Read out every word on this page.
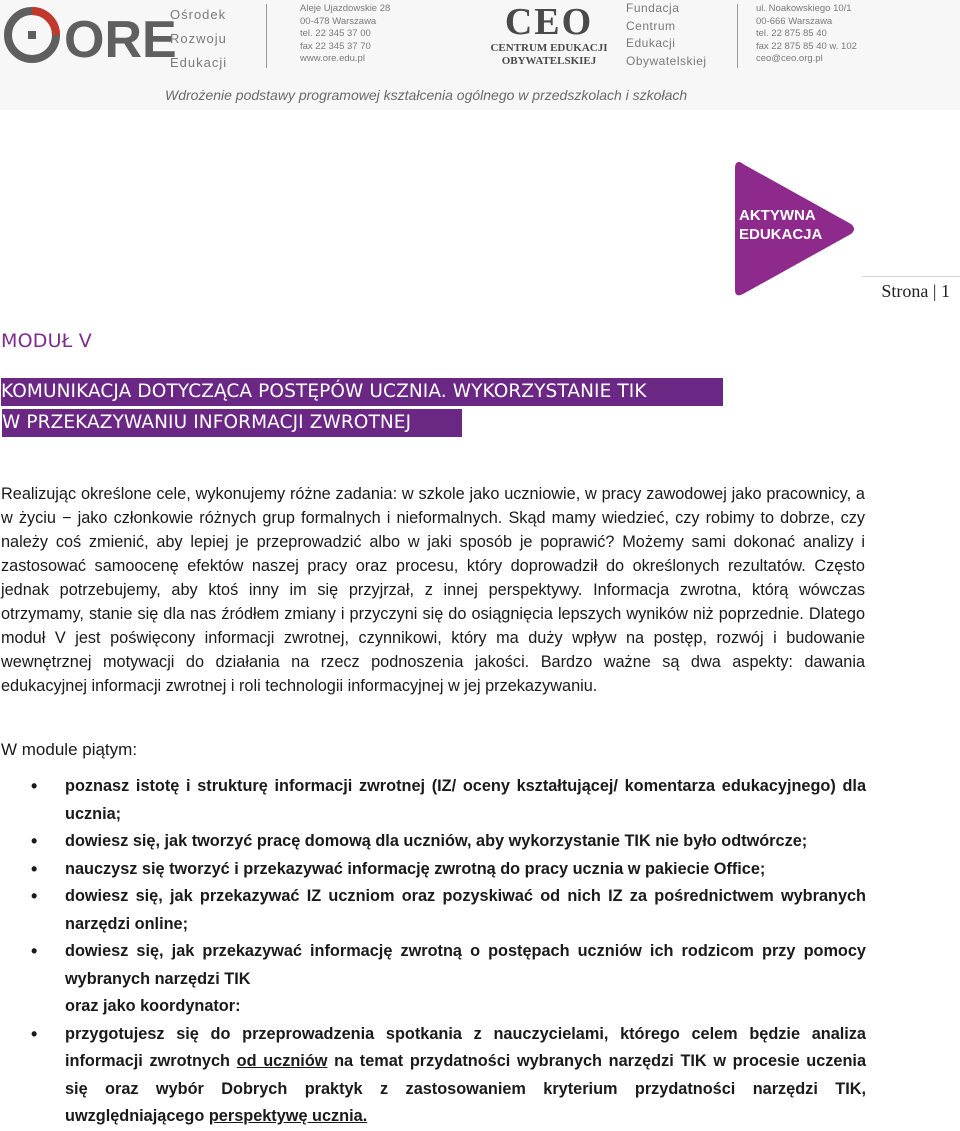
ORE
Ośrodek
Rozwoju
Edukacji
Aleje Ujazdowskie 28
00-478 Warszawa
tel. 22 345 37 00
fax 22 345 37 70
www.ore.edu.pl
CEO
CENTRUM EDUKACJI
OBYWATELSKIEJ
Fundacja
Centrum
Edukacji
Obywatelskiej
ul. Noakowskiego 10/1
00-666 Warszawa
tel. 22 875 85 40
fax 22 875 85 40 w. 102
ceo@ceo.org.pl
Wdrożenie podstawy programowej kształcenia ogólnego w przedszkolach i szkołach
AKTYWNA
EDUKACJA
Strona | 1
MODUŁ V
KOMUNIKACJA DOTYCZĄCA POSTĘPÓW UCZNIA. WYKORZYSTANIE TIK
W PRZEKAZYWANIU INFORMACJI ZWROTNEJ

Realizując określone cele, wykonujemy różne zadania: w szkole jako uczniowie, w pracy zawodowej jako pracownicy, a w życiu − jako członkowie różnych grup formalnych i nieformalnych. Skąd mamy wiedzieć, czy robimy to dobrze, czy należy coś zmienić, aby lepiej je przeprowadzić albo w jaki sposób je poprawić? Możemy sami dokonać analizy i zastosować samoocenę efektów naszej pracy oraz procesu, który doprowadził do określonych rezultatów. Często jednak potrzebujemy, aby ktoś inny im się przyjrzał, z innej perspektywy. Informacja zwrotna, którą wówczas otrzymamy, stanie się dla nas źródłem zmiany i przyczyni się do osiągnięcia lepszych wyników niż poprzednie. Dlatego moduł V jest poświęcony informacji zwrotnej, czynnikowi, który ma duży wpływ na postęp, rozwój i budowanie wewnętrznej motywacji do działania na rzecz podnoszenia jakości. Bardzo ważne są dwa aspekty: dawania edukacyjnej informacji zwrotnej i roli technologii informacyjnej w jej przekazywaniu.

W module piątym:
• poznasz istotę i strukturę informacji zwrotnej (IZ/ oceny kształtującej/ komentarza edukacyjnego) dla ucznia;
• dowiesz się, jak tworzyć pracę domową dla uczniów, aby wykorzystanie TIK nie było odtwórcze;
• nauczysz się tworzyć i przekazywać informację zwrotną do pracy ucznia w pakiecie Office;
• dowiesz się, jak przekazywać IZ uczniom oraz pozyskiwać od nich IZ za pośrednictwem wybranych narzędzi online;
• dowiesz się, jak przekazywać informację zwrotną o postępach uczniów ich rodzicom przy pomocy wybranych narzędzi TIK
oraz jako koordynator:
• przygotujesz się do przeprowadzenia spotkania z nauczycielami, którego celem będzie analiza informacji zwrotnych od uczniów na temat przydatności wybranych narzędzi TIK w procesie uczenia się oraz wybór Dobrych praktyk z zastosowaniem kryterium przydatności narzędzi TIK, uwzględniającego perspektywę ucznia.
